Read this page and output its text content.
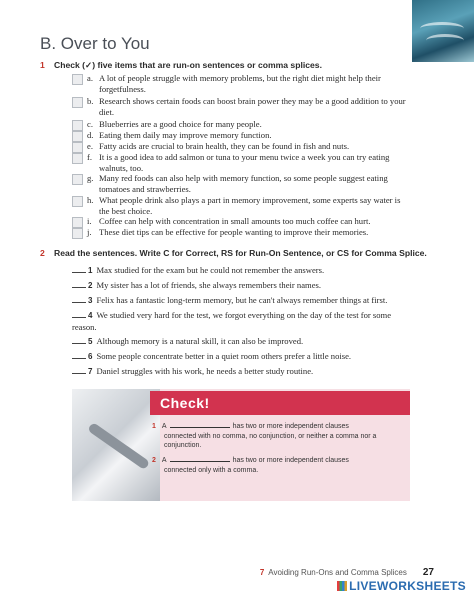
B. Over to You
1 Check (✓) five items that are run-on sentences or comma splices.
a. A lot of people struggle with memory problems, but the right diet might help their forgetfulness.
b. Research shows certain foods can boost brain power they may be a good addition to your diet.
c. Blueberries are a good choice for many people.
d. Eating them daily may improve memory function.
e. Fatty acids are crucial to brain health, they can be found in fish and nuts.
f. It is a good idea to add salmon or tuna to your menu twice a week you can try eating walnuts, too.
g. Many red foods can also help with memory function, so some people suggest eating tomatoes and strawberries.
h. What people drink also plays a part in memory improvement, some experts say water is the best choice.
i. Coffee can help with concentration in small amounts too much coffee can hurt.
j. These diet tips can be effective for people wanting to improve their memories.
2 Read the sentences. Write C for Correct, RS for Run-On Sentence, or CS for Comma Splice.
1 Max studied for the exam but he could not remember the answers.
2 My sister has a lot of friends, she always remembers their names.
3 Felix has a fantastic long-term memory, but he can't always remember things at first.
4 We studied very hard for the test, we forgot everything on the day of the test for some reason.
5 Although memory is a natural skill, it can also be improved.
6 Some people concentrate better in a quiet room others prefer a little noise.
7 Daniel struggles with his work, he needs a better study routine.
Check!
1 A	has two or more independent clauses
connected with no comma, no conjunction, or neither a comma nor a conjunction.
2 A	has two or more independent clauses
connected only with a comma.
7 Avoiding Run-Ons and Comma Splices 27
LIVEWORKSHEETS
